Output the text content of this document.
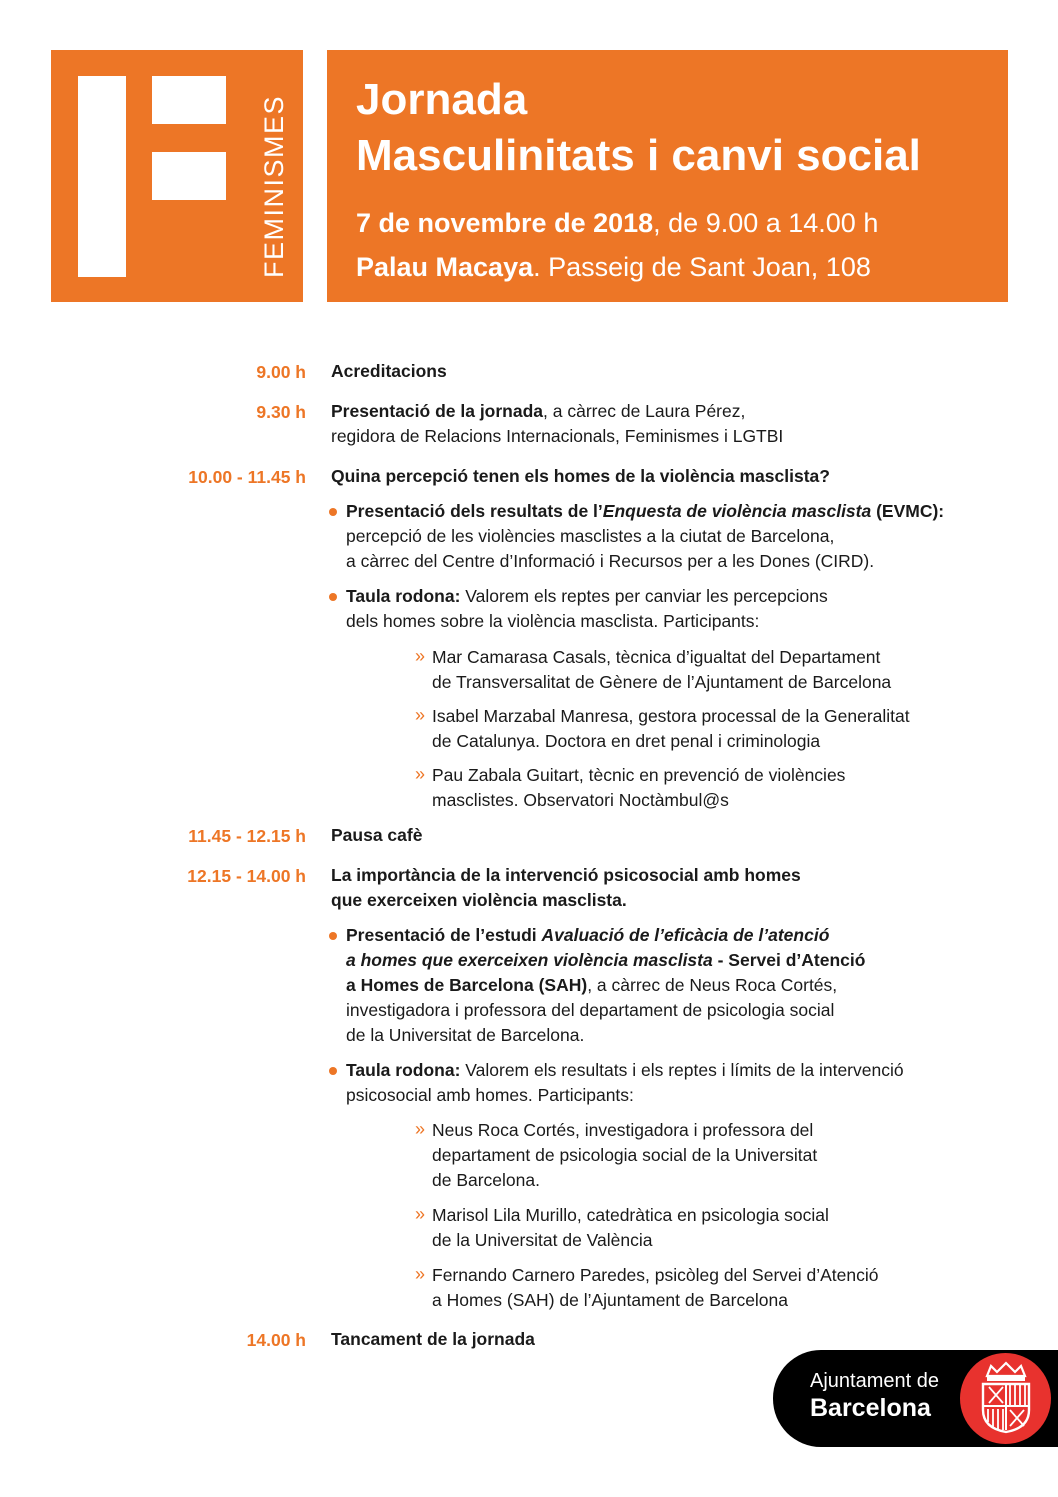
FEMINISMES Jornada
Masculinitats i canvi social
7 de novembre de 2018, de 9.00 a 14.00 h
Palau Macaya. Passeig de Sant Joan, 108
9.00 h Acreditacions
9.30 h Presentació de la jornada, a càrrec de Laura Pérez,
regidora de Relacions Internacionals, Feminismes i LGTBI
10.00 - 11.45 h Quina percepció tenen els homes de la violència masclista?
Presentació dels resultats de l’Enquesta de violència masclista (EVMC):
percepció de les violències masclistes a la ciutat de Barcelona,
a càrrec del Centre d’Informació i Recursos per a les Dones (CIRD).
Taula rodona: Valorem els reptes per canviar les percepcions
dels homes sobre la violència masclista. Participants:
» Mar Camarasa Casals, tècnica d’igualtat del Departament
de Transversalitat de Gènere de l’Ajuntament de Barcelona
» Isabel Marzabal Manresa, gestora processal de la Generalitat
de Catalunya. Doctora en dret penal i criminologia
» Pau Zabala Guitart, tècnic en prevenció de violències
masclistes. Observatori Noctàmbul@s
11.45 - 12.15 h Pausa cafè
12.15 - 14.00 h La importància de la intervenció psicosocial amb homes
que exerceixen violència masclista.
Presentació de l’estudi Avaluació de l’eficàcia de l’atenció
a homes que exerceixen violència masclista - Servei d’Atenció
a Homes de Barcelona (SAH), a càrrec de Neus Roca Cortés,
investigadora i professora del departament de psicologia social
de la Universitat de Barcelona.
Taula rodona: Valorem els resultats i els reptes i límits de la intervenció
psicosocial amb homes. Participants:
» Neus Roca Cortés, investigadora i professora del
departament de psicologia social de la Universitat
de Barcelona.
» Marisol Lila Murillo, catedràtica en psicologia social
de la Universitat de València
» Fernando Carnero Paredes, psicòleg del Servei d’Atenció
a Homes (SAH) de l’Ajuntament de Barcelona
14.00 h Tancament de la jornada
Ajuntament de
Barcelona
